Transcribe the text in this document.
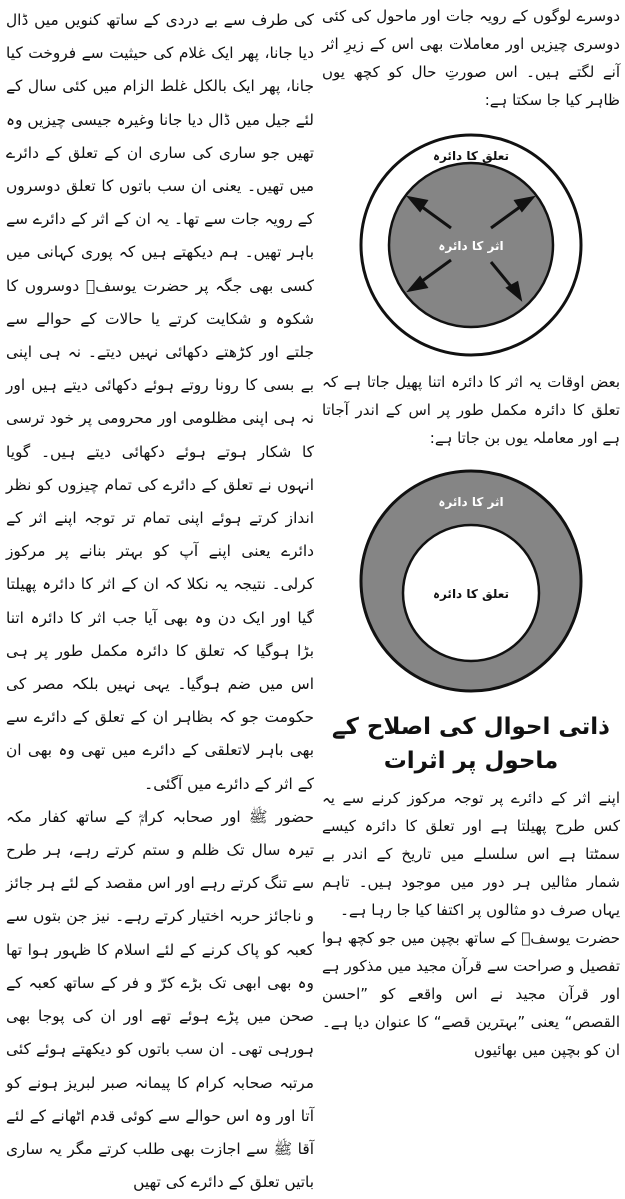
دوسرے لوگوں کے رویہ جات اور ماحول کی کئی دوسری چیزیں اور معاملات بھی اس کے زیرِ اثر آنے لگتے ہیں۔ اس صورتِ حال کو کچھ یوں ظاہر کیا جا سکتا ہے:

تعلق کا دائرہ
اثر کا دائرہ

بعض اوقات یہ اثر کا دائرہ اتنا پھیل جاتا ہے کہ تعلق کا دائرہ مکمل طور پر اس کے اندر آجاتا ہے اور معاملہ یوں بن جاتا ہے:

اثر کا دائرہ
تعلق کا دائرہ
ذاتی احوال کی اصلاح کے ماحول پر اثرات

اپنے اثر کے دائرے پر توجہ مرکوز کرنے سے یہ کس طرح پھیلتا ہے اور تعلق کا دائرہ کیسے سمٹتا ہے اس سلسلے میں تاریخ کے اندر بے شمار مثالیں ہر دور میں موجود ہیں۔ تاہم یہاں صرف دو مثالوں پر اکتفا کیا جا رہا ہے۔

حضرت یوسفؑ کے ساتھ بچپن میں جو کچھ ہوا تفصیل و صراحت سے قرآن مجید میں مذکور ہے اور قرآن مجید نے اس واقعے کو ”احسن القصص“ یعنی ”بہترین قصے“ کا عنوان دیا ہے۔ ان کو بچپن میں بھائیوں

کی طرف سے بے دردی کے ساتھ کنویں میں ڈال دیا جانا، پھر ایک غلام کی حیثیت سے فروخت کیا جانا، پھر ایک بالکل غلط الزام میں کئی سال کے لئے جیل میں ڈال دیا جانا وغیرہ جیسی چیزیں وہ تھیں جو ساری کی ساری ان کے تعلق کے دائرے میں تھیں۔ یعنی ان سب باتوں کا تعلق دوسروں کے رویہ جات سے تھا۔ یہ ان کے اثر کے دائرے سے باہر تھیں۔ ہم دیکھتے ہیں کہ پوری کہانی میں کسی بھی جگہ پر حضرت یوسفؑ دوسروں کا شکوہ و شکایت کرتے یا حالات کے حوالے سے جلتے اور کڑھتے دکھائی نہیں دیتے۔ نہ ہی اپنی بے بسی کا رونا روتے ہوئے دکھائی دیتے ہیں اور نہ ہی اپنی مظلومی اور محرومی پر خود ترسی کا شکار ہوتے ہوئے دکھائی دیتے ہیں۔ گویا انہوں نے تعلق کے دائرے کی تمام چیزوں کو نظر انداز کرتے ہوئے اپنی تمام تر توجہ اپنے اثر کے دائرے یعنی اپنے آپ کو بہتر بنانے پر مرکوز کرلی۔ نتیجہ یہ نکلا کہ ان کے اثر کا دائرہ پھیلتا گیا اور ایک دن وہ بھی آیا جب اثر کا دائرہ اتنا بڑا ہوگیا کہ تعلق کا دائرہ مکمل طور پر ہی اس میں ضم ہوگیا۔ یہی نہیں بلکہ مصر کی حکومت جو کہ بظاہر ان کے تعلق کے دائرے سے بھی باہر لاتعلقی کے دائرے میں تھی وہ بھی ان کے اثر کے دائرے میں آگئی۔

حضور ﷺ اور صحابہ کرامؓ کے ساتھ کفار مکہ تیرہ سال تک ظلم و ستم کرتے رہے، ہر طرح سے تنگ کرتے رہے اور اس مقصد کے لئے ہر جائز و ناجائز حربہ اختیار کرتے رہے۔ نیز جن بتوں سے کعبہ کو پاک کرنے کے لئے اسلام کا ظہور ہوا تھا وہ بھی ابھی تک بڑے کرّ و فر کے ساتھ کعبہ کے صحن میں پڑے ہوئے تھے اور ان کی پوجا بھی ہورہی تھی۔ ان سب باتوں کو دیکھتے ہوئے کئی مرتبہ صحابہ کرام کا پیمانہ صبر لبریز ہونے کو آتا اور وہ اس حوالے سے کوئی قدم اٹھانے کے لئے آقا ﷺ سے اجازت بھی طلب کرتے مگر یہ ساری باتیں تعلق کے دائرے کی تھیں
